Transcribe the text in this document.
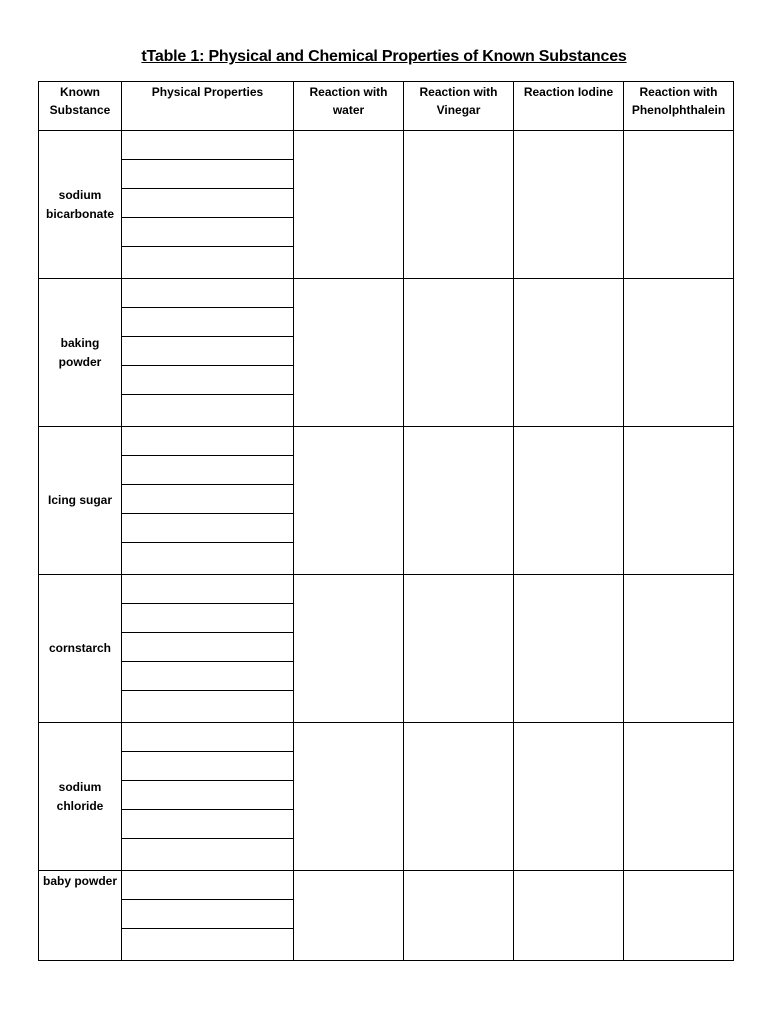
tTable 1: Physical and Chemical Properties of Known Substances
Known Substance	Physical Properties	Reaction with water	Reaction with Vinegar	Reaction Iodine	Reaction with Phenolphthalein
sodium bicarbonate	

baking powder	

Icing sugar	

cornstarch	

sodium chloride	

baby powder	
